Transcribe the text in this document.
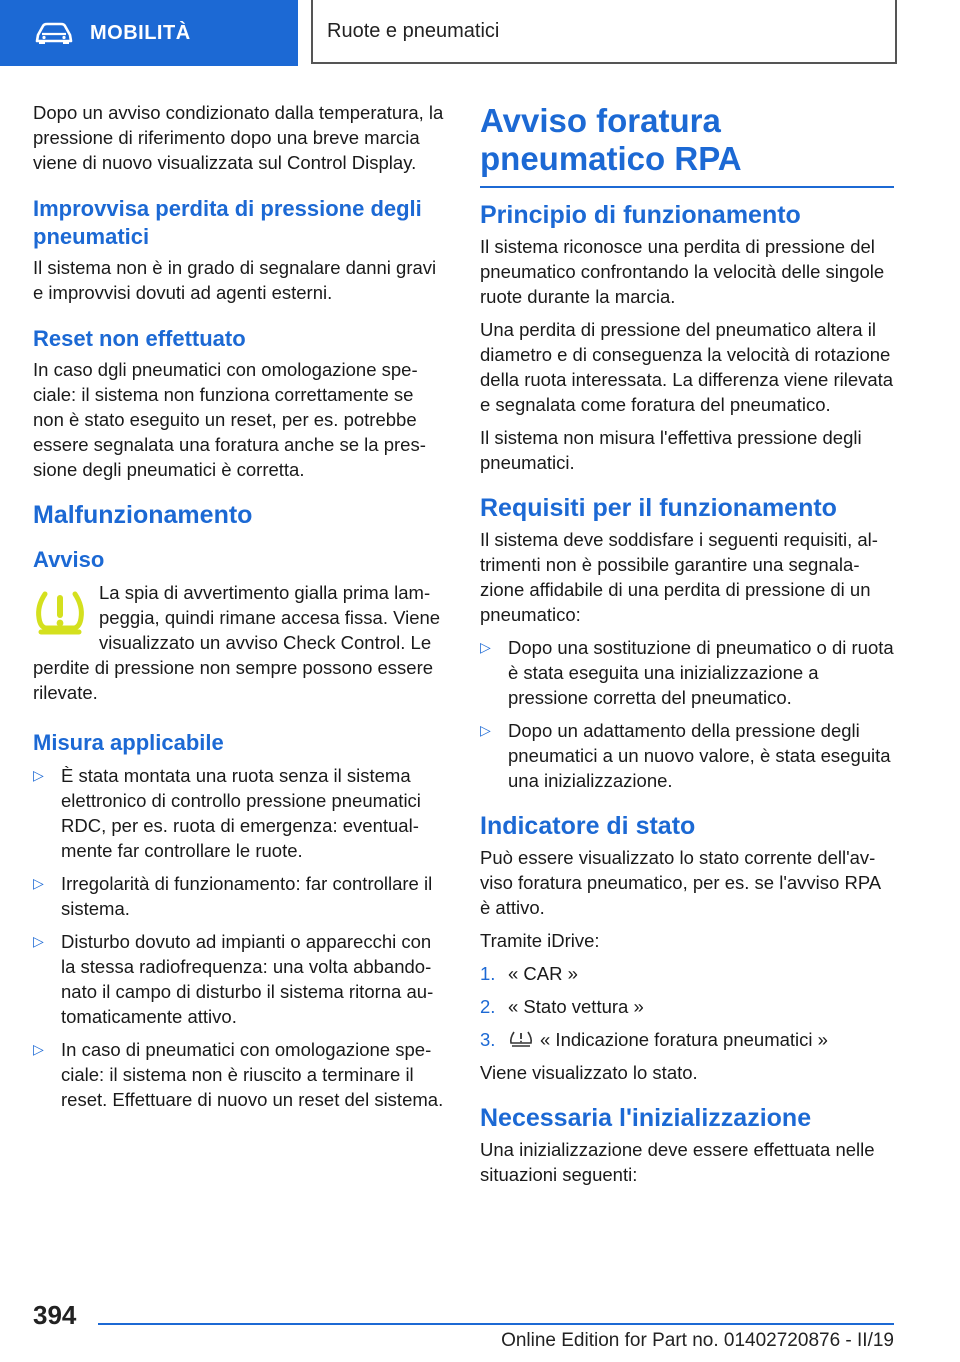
MOBILITÀ	Ruote e pneumatici

Dopo un avviso condizionato dalla temperatura, la pressione di riferimento dopo una breve marcia viene di nuovo visualizzata sul Control Display.

Improvvisa perdita di pressione degli pneumatici

Il sistema non è in grado di segnalare danni gravi e improvvisi dovuti ad agenti esterni.

Reset non effettuato

In caso dgli pneumatici con omologazione speciale: il sistema non funziona correttamente se non è stato eseguito un reset, per es. potrebbe essere segnalata una foratura anche se la pressione degli pneumatici è corretta.

Malfunzionamento
Avviso

La spia di avvertimento gialla prima lampeggia, quindi rimane accesa fissa. Viene visualizzato un avviso Check Control. Le perdite di pressione non sempre possono essere rilevate.

Misura applicabile
▷ È stata montata una ruota senza il sistema elettronico di controllo pressione pneumatici RDC, per es. ruota di emergenza: eventualmente far controllare le ruote.
▷ Irregolarità di funzionamento: far controllare il sistema.
▷ Disturbo dovuto ad impianti o apparecchi con la stessa radiofrequenza: una volta abbandonato il campo di disturbo il sistema ritorna automaticamente attivo.
▷ In caso di pneumatici con omologazione speciale: il sistema non è riuscito a terminare il reset. Effettuare di nuovo un reset del sistema.
Avviso foratura pneumatico RPA
Principio di funzionamento

Il sistema riconosce una perdita di pressione del pneumatico confrontando la velocità delle singole ruote durante la marcia.

Una perdita di pressione del pneumatico altera il diametro e di conseguenza la velocità di rotazione della ruota interessata. La differenza viene rilevata e segnalata come foratura del pneumatico.

Il sistema non misura l'effettiva pressione degli pneumatici.

Requisiti per il funzionamento

Il sistema deve soddisfare i seguenti requisiti, altrimenti non è possibile garantire una segnalazione affidabile di una perdita di pressione di un pneumatico:

▷ Dopo una sostituzione di pneumatico o di ruota è stata eseguita una inizializzazione a pressione corretta del pneumatico.
▷ Dopo un adattamento della pressione degli pneumatici a un nuovo valore, è stata eseguita una inizializzazione.
Indicatore di stato

Può essere visualizzato lo stato corrente dell'avviso foratura pneumatico, per es. se l'avviso RPA è attivo.

Tramite iDrive:

1. « CAR »
2. « Stato vettura »
3. « Indicazione foratura pneumatici »

Viene visualizzato lo stato.

Necessaria l'inizializzazione

Una inizializzazione deve essere effettuata nelle situazioni seguenti:

394
Online Edition for Part no. 01402720876 - II/19
